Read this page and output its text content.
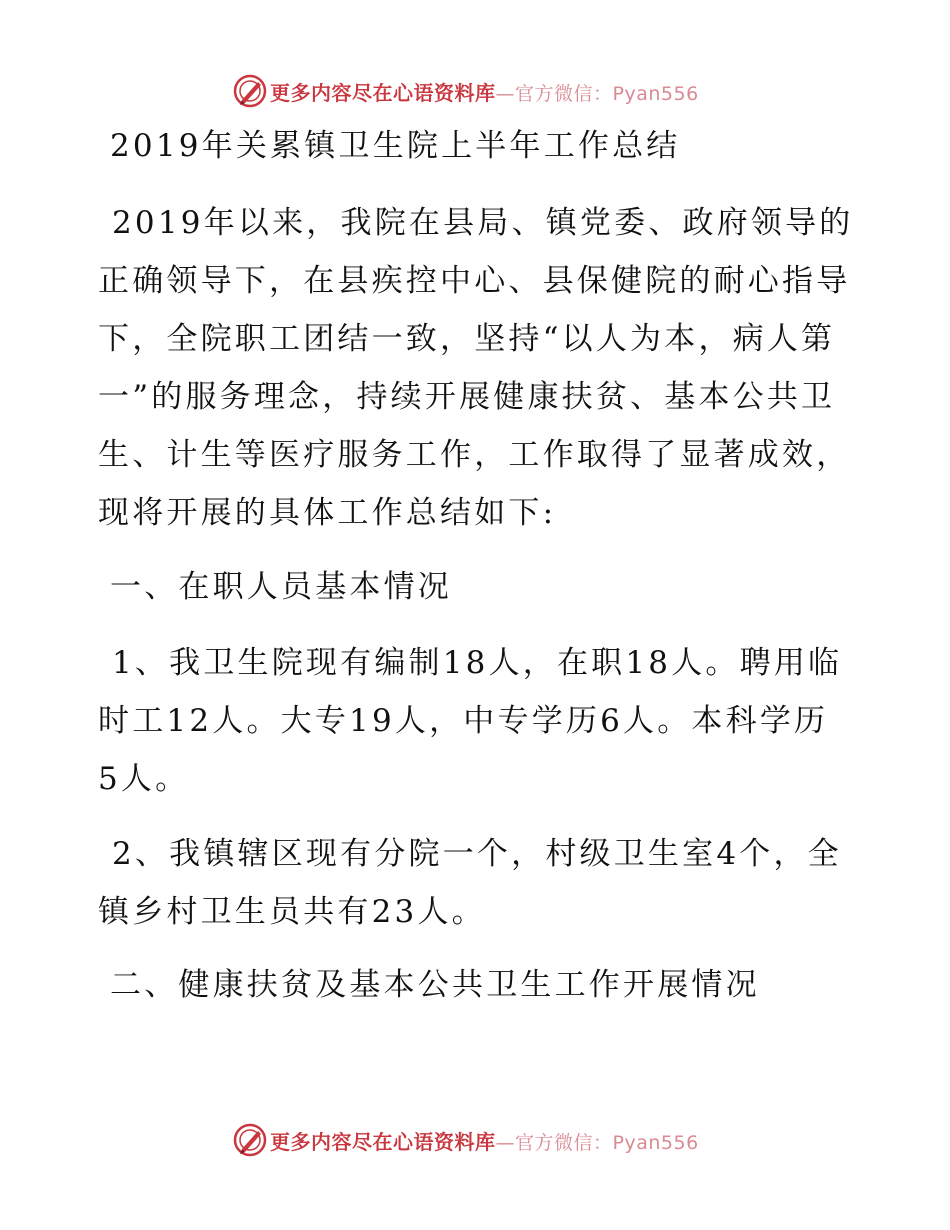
更多内容尽在心语资料库—官方微信：Pyan556
2019年关累镇卫生院上半年工作总结
2019年以来，我院在县局、镇党委、政府领导的
正确领导下，在县疾控中心、县保健院的耐心指导
下，全院职工团结一致，坚持“以人为本，病人第
一”的服务理念，持续开展健康扶贫、基本公共卫
生、计生等医疗服务工作，工作取得了显著成效，
现将开展的具体工作总结如下:
一、在职人员基本情况
1、我卫生院现有编制18人，在职18人。聘用临
时工12人。大专19人，中专学历6人。本科学历
5人。
2、我镇辖区现有分院一个，村级卫生室4个，全
镇乡村卫生员共有23人。
二、健康扶贫及基本公共卫生工作开展情况
更多内容尽在心语资料库—官方微信：Pyan556
